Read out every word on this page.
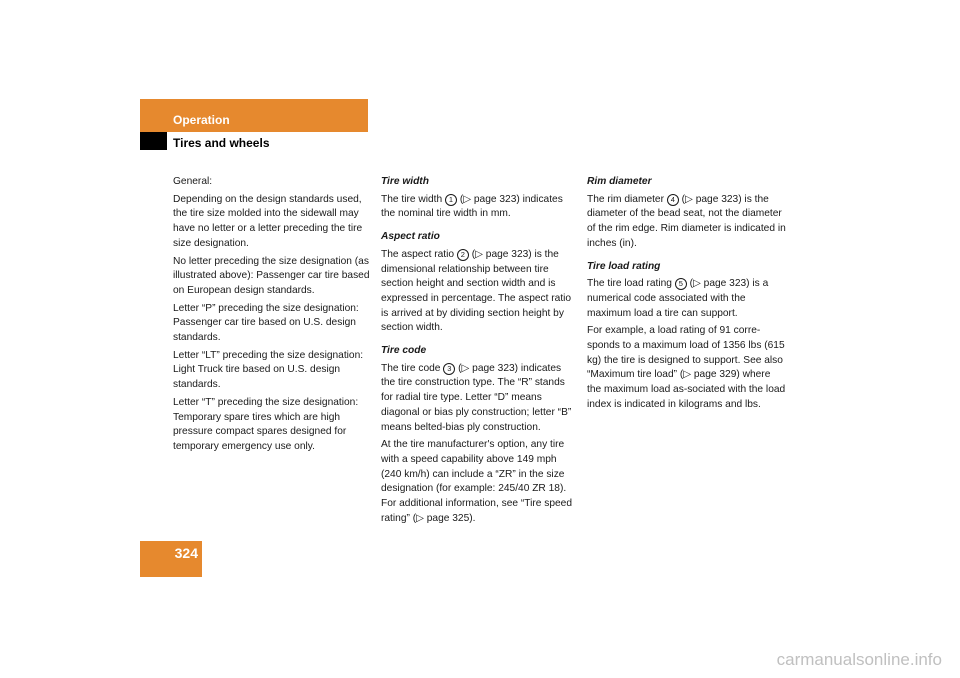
Operation
Tires and wheels

General:

Depending on the design standards used, the tire size molded into the sidewall may have no letter or a letter preceding the tire size designation.

No letter preceding the size designation (as illustrated above): Passenger car tire based on European design standards.

Letter “P” preceding the size designation: Passenger car tire based on U.S. design standards.

Letter “LT” preceding the size designation: Light Truck tire based on U.S. design standards.

Letter “T” preceding the size designation: Temporary spare tires which are high pressure compact spares designed for temporary emergency use only.

Tire width

The tire width 1 (▷ page 323) indicates the nominal tire width in mm.

Aspect ratio

The aspect ratio 2 (▷ page 323) is the dimensional relationship between tire section height and section width and is expressed in percentage. The aspect ratio is arrived at by dividing section height by section width.

Tire code

The tire code 3 (▷ page 323) indicates the tire construction type. The “R” stands for radial tire type. Letter “D” means diagonal or bias ply construction; letter “B” means belted-bias ply construction.

At the tire manufacturer's option, any tire with a speed capability above 149 mph (240 km/h) can include a “ZR” in the size designation (for example: 245/40 ZR 18). For additional information, see “Tire speed rating” (▷ page 325).

Rim diameter

The rim diameter 4 (▷ page 323) is the diameter of the bead seat, not the diameter of the rim edge. Rim diameter is indicated in inches (in).

Tire load rating

The tire load rating 5 (▷ page 323) is a numerical code associated with the maximum load a tire can support.

For example, a load rating of 91 corre-sponds to a maximum load of 1356 lbs (615 kg) the tire is designed to support. See also “Maximum tire load” (▷ page 329) where the maximum load as-sociated with the load index is indicated in kilograms and lbs.

324
carmanualsonline.info
